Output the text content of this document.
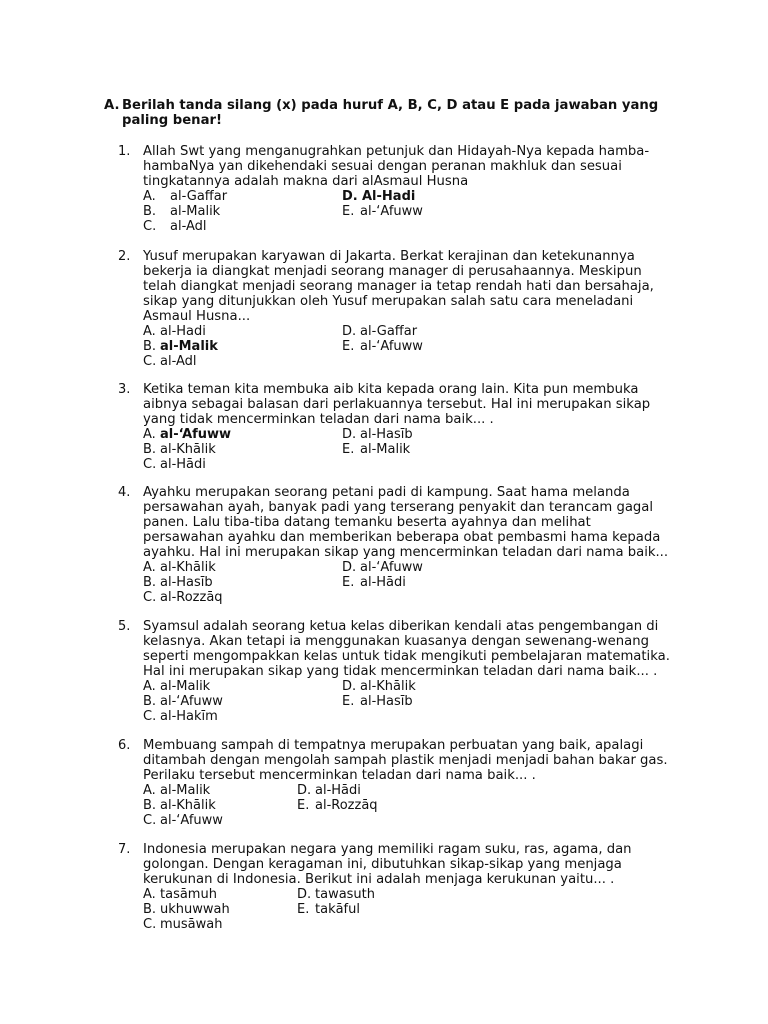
A. Berilah tanda silang (x) pada huruf A, B, C, D atau E pada jawaban yang
paling benar!
1. Allah Swt yang menganugrahkan petunjuk dan Hidayah-Nya kepada hamba-
hambaNya yan dikehendaki sesuai dengan peranan makhluk dan sesuai
tingkatannya adalah makna dari alAsmaul Husna
A. al-Gaffar	D. Al-Hadi
B. al-Malik	E. al-‘Afuww
C. al-Adl
2. Yusuf merupakan karyawan di Jakarta. Berkat kerajinan dan ketekunannya
bekerja ia diangkat menjadi seorang manager di perusahaannya. Meskipun
telah diangkat menjadi seorang manager ia tetap rendah hati dan bersahaja,
sikap yang ditunjukkan oleh Yusuf merupakan salah satu cara meneladani
Asmaul Husna...
A. al-Hadi	D. al-Gaffar
B. al-Malik	E. al-‘Afuww
C. al-Adl
3. Ketika teman kita membuka aib kita kepada orang lain. Kita pun membuka
aibnya sebagai balasan dari perlakuannya tersebut. Hal ini merupakan sikap
yang tidak mencerminkan teladan dari nama baik... .
A. al-‘Afuww	D. al-Hasīb
B. al-Khālik	E. al-Malik
C. al-Hādi
4. Ayahku merupakan seorang petani padi di kampung. Saat hama melanda
persawahan ayah, banyak padi yang terserang penyakit dan terancam gagal
panen. Lalu tiba-tiba datang temanku beserta ayahnya dan melihat
persawahan ayahku dan memberikan beberapa obat pembasmi hama kepada
ayahku. Hal ini merupakan sikap yang mencerminkan teladan dari nama baik...
A. al-Khālik	D. al-‘Afuww
B. al-Hasīb	E. al-Hādi
C. al-Rozzāq
5. Syamsul adalah seorang ketua kelas diberikan kendali atas pengembangan di
kelasnya. Akan tetapi ia menggunakan kuasanya dengan sewenang-wenang
seperti mengompakkan kelas untuk tidak mengikuti pembelajaran matematika.
Hal ini merupakan sikap yang tidak mencerminkan teladan dari nama baik... .
A. al-Malik	D. al-Khālik
B. al-‘Afuww	E. al-Hasīb
C. al-Hakīm
6. Membuang sampah di tempatnya merupakan perbuatan yang baik, apalagi
ditambah dengan mengolah sampah plastik menjadi menjadi bahan bakar gas.
Perilaku tersebut mencerminkan teladan dari nama baik... .
A. al-Malik	D. al-Hādi
B. al-Khālik	E. al-Rozzāq
C. al-‘Afuww
7. Indonesia merupakan negara yang memiliki ragam suku, ras, agama, dan
golongan. Dengan keragaman ini, dibutuhkan sikap-sikap yang menjaga
kerukunan di Indonesia. Berikut ini adalah menjaga kerukunan yaitu... .
A. tasāmuh	D. tawasuth
B. ukhuwwah	E. takāful
C. musāwah
